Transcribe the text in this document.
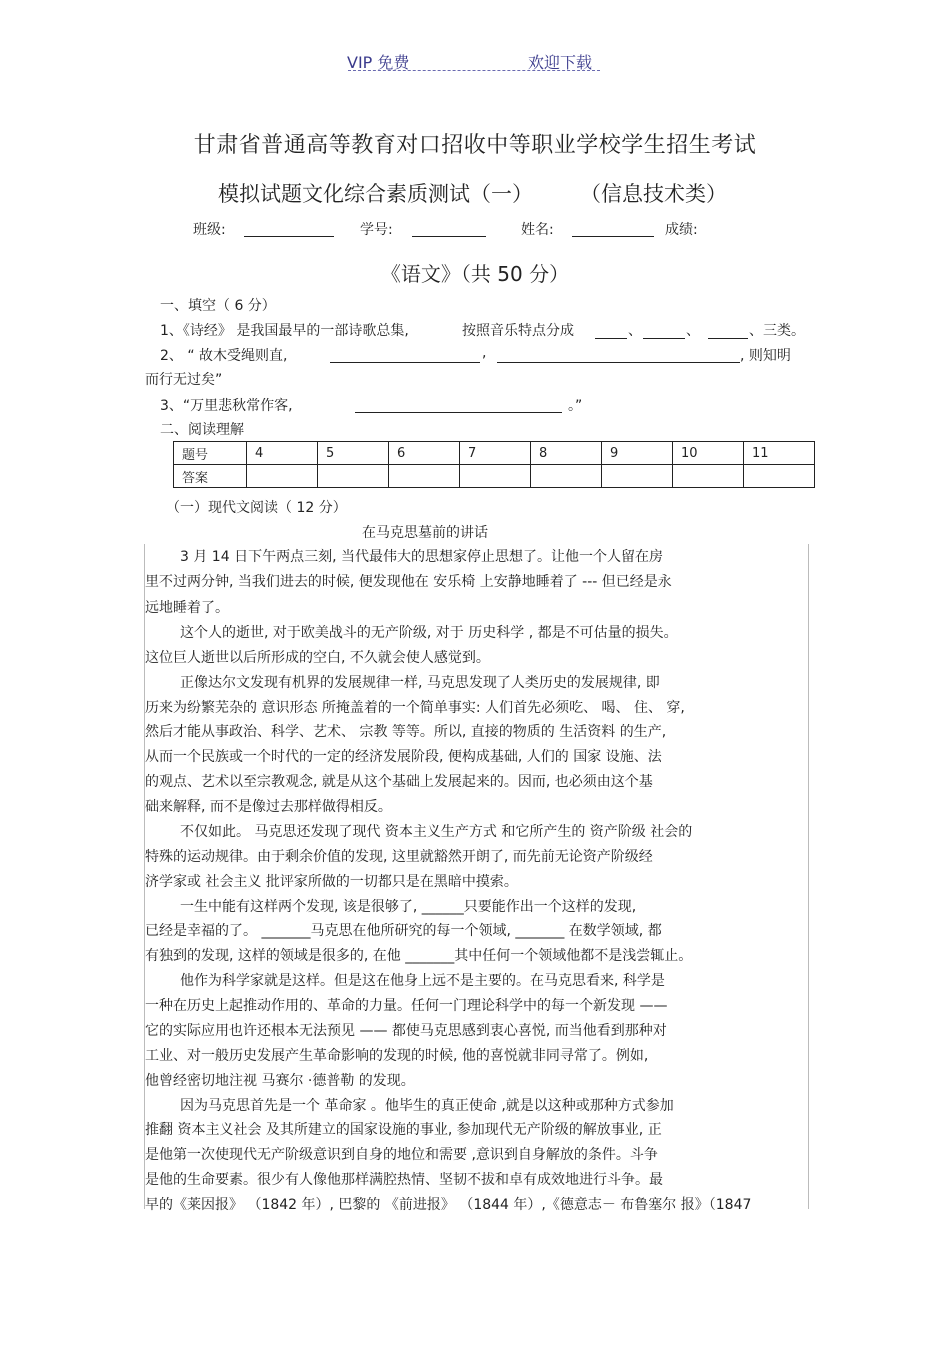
VIP 免费	欢迎下载
甘肃省普通高等教育对口招收中等职业学校学生招生考试
模拟试题文化综合素质测试（一） （信息技术类）
班级:	学号:	姓名:	成绩:
《语文》（共 50 分）
一、填空（ 6 分）
1、《诗经》 是我国最早的一部诗歌总集,	按照音乐特点分成	、	、	、三类。
2、 “ 故木受绳则直,	,	, 则知明
而行无过矣”
3、“万里悲秋常作客,	。”
二、阅读理解
题号	4	5	6	7	8	9	10	11
答案								
（一）现代文阅读（ 12 分）
在马克思墓前的讲话
3 月 14 日下午两点三刻, 当代最伟大的思想家停止思想了。让他一个人留在房
里不过两分钟, 当我们进去的时候, 便发现他在 安乐椅 上安静地睡着了 --- 但已经是永
远地睡着了。
这个人的逝世, 对于欧美战斗的无产阶级, 对于 历史科学 , 都是不可估量的损失。
这位巨人逝世以后所形成的空白, 不久就会使人感觉到。
正像达尔文发现有机界的发展规律一样, 马克思发现了人类历史的发展规律, 即
历来为纷繁芜杂的 意识形态 所掩盖着的一个简单事实: 人们首先必须吃、 喝、 住、 穿,
然后才能从事政治、科学、艺术、 宗教 等等。所以, 直接的物质的 生活资料 的生产,
从而一个民族或一个时代的一定的经济发展阶段, 便构成基础, 人们的 国家 设施、法
的观点、艺术以至宗教观念, 就是从这个基础上发展起来的。因而, 也必须由这个基
础来解释, 而不是像过去那样做得相反。
不仅如此。 马克思还发现了现代 资本主义生产方式 和它所产生的 资产阶级 社会的
特殊的运动规律。由于剩余价值的发现, 这里就豁然开朗了, 而先前无论资产阶级经
济学家或 社会主义 批评家所做的一切都只是在黑暗中摸索。
一生中能有这样两个发现, 该是很够了, ______只要能作出一个这样的发现,
已经是幸福的了。 _______马克思在他所研究的每一个领域, _______ 在数学领域, 都
有独到的发现, 这样的领域是很多的, 在他 _______其中任何一个领域他都不是浅尝辄止。
他作为科学家就是这样。但是这在他身上远不是主要的。在马克思看来, 科学是
一种在历史上起推动作用的、革命的力量。任何一门理论科学中的每一个新发现 ——
它的实际应用也许还根本无法预见 —— 都使马克思感到衷心喜悦, 而当他看到那种对
工业、对一般历史发展产生革命影响的发现的时候, 他的喜悦就非同寻常了。例如,
他曾经密切地注视 马赛尔 ·德普勒 的发现。
因为马克思首先是一个 革命家 。他毕生的真正使命 ,就是以这种或那种方式参加
推翻 资本主义社会 及其所建立的国家设施的事业, 参加现代无产阶级的解放事业, 正
是他第一次使现代无产阶级意识到自身的地位和需要 ,意识到自身解放的条件。斗争
是他的生命要素。很少有人像他那样满腔热情、坚韧不拔和卓有成效地进行斗争。最
早的《莱因报》 （1842 年）, 巴黎的 《前进报》 （1844 年）,《德意志－ 布鲁塞尔 报》（1847
